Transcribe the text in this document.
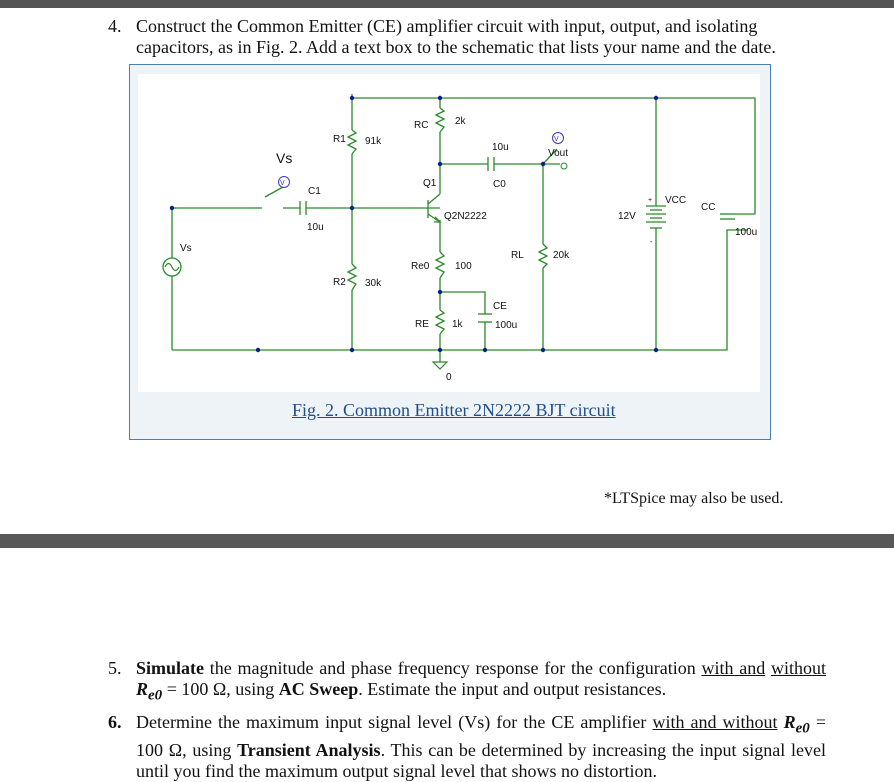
4. Construct the Common Emitter (CE) amplifier circuit with input, output, and isolating capacitors, as in Fig. 2. Add a text box to the schematic that lists your name and the date.
Vs
V
V
Vs
C1
10u
R1 91k
R2 30k
RC	2k
Q1
Q2N2222
Re0	100
RE 1k
10u
C0
CE
100u
RL	20k
Vout
12V
VCC
CC
100u
0
+
-
Fig. 2. Common Emitter 2N2222 BJT circuit
*LTSpice may also be used.
5. Simulate the magnitude and phase frequency response for the configuration with and without $R_{e0} = 100$ Ω, using AC Sweep. Estimate the input and output resistances.
6. Determine the maximum input signal level (Vs) for the CE amplifier with and without $R_{e0} = 100$ Ω, using Transient Analysis. This can be determined by increasing the input signal level until you find the maximum output signal level that shows no distortion.
